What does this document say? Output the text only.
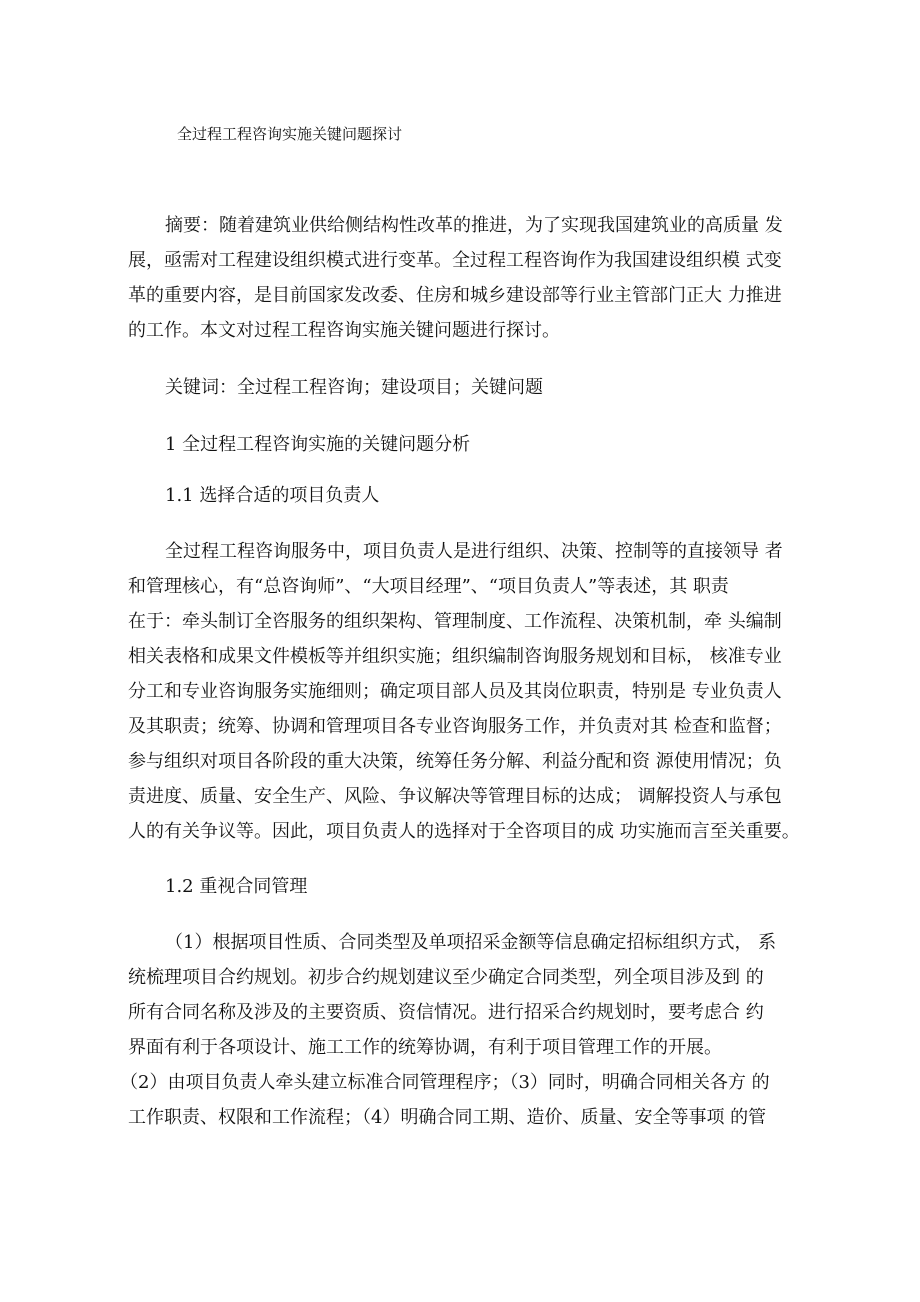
全过程工程咨询实施关键问题探讨
摘要：随着建筑业供给侧结构性改革的推进，为了实现我国建筑业的高质量 发
展，亟需对工程建设组织模式进行变革。全过程工程咨询作为我国建设组织模 式变
革的重要内容，是目前国家发改委、住房和城乡建设部等行业主管部门正大 力推进
的工作。本文对过程工程咨询实施关键问题进行探讨。
关键词：全过程工程咨询；建设项目；关键问题
1 全过程工程咨询实施的关键问题分析
1.1 选择合适的项目负责人
全过程工程咨询服务中，项目负责人是进行组织、决策、控制等的直接领导 者
和管理核心，有“总咨询师”、“大项目经理”、“项目负责人”等表述，其 职责
在于：牵头制订全咨服务的组织架构、管理制度、工作流程、决策机制，牵 头编制
相关表格和成果文件模板等并组织实施；组织编制咨询服务规划和目标， 核准专业
分工和专业咨询服务实施细则；确定项目部人员及其岗位职责，特别是 专业负责人
及其职责；统筹、协调和管理项目各专业咨询服务工作，并负责对其 检查和监督；
参与组织对项目各阶段的重大决策，统筹任务分解、利益分配和资 源使用情况；负
责进度、质量、安全生产、风险、争议解决等管理目标的达成； 调解投资人与承包
人的有关争议等。因此，项目负责人的选择对于全咨项目的成 功实施而言至关重要。
1.2 重视合同管理
（1）根据项目性质、合同类型及单项招采金额等信息确定招标组织方式， 系
统梳理项目合约规划。初步合约规划建议至少确定合同类型，列全项目涉及到 的
所有合同名称及涉及的主要资质、资信情况。进行招采合约规划时，要考虑合 约
界面有利于各项设计、施工工作的统筹协调，有利于项目管理工作的开展。
（2）由项目负责人牵头建立标准合同管理程序；（3）同时，明确合同相关各方 的
工作职责、权限和工作流程；（4）明确合同工期、造价、质量、安全等事项 的管
